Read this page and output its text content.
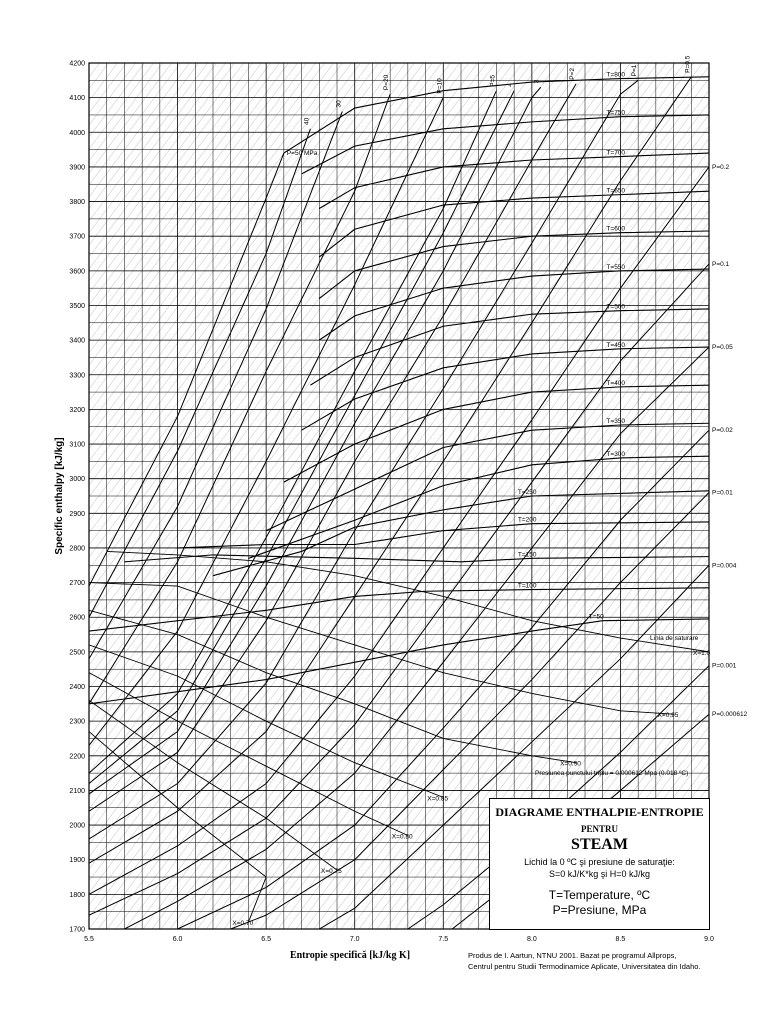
X=1.0
X=0.95
X=0.90
X=0.85
X=0.80
X=0.75
X=0.70
40
30
P=20	P=10	P=5 4
3
P=2	P=1	P=0.5
P=50 MPa
P=0.2
P=0.1
P=0.05
P=0.02
P=0.01
P=0.004
P=0.001
P=0.000612
T=800
T=750
T=700
T=650
T=600
T=550
T=500
T=450
T=400
T=350
T=300
T=250
T=200
T=150
T=100
T=50
5.5	6.0	6.5	7.0	7.5	8.0	8.5	9.0
1700
1800
1900
2000
2100
2200
2300
2400
2500
2600
2700
2800
2900
3000
3100
3200
3300
3400
3500
3600
3700
3800
3900
4000
4100
4200
Entropie specifică [kJ/kg K]
Specific enthalpy [kJ/kg]
Linia de saturare
Presiunea punctului triplu = 0.000612 Mpa (0.018 ºC)
DIAGRAME ENTHALPIE-ENTROPIE
PENTRU
STEAM
Lichid la 0 ºC şi presiune de saturaţie:
S=0 kJ/K*kg şi H=0 kJ/kg
T=Temperature, ºC
P=Presiune, MPa
Produs de I. Aartun, NTNU 2001. Bazat pe programul Allprops,
Centrul pentru Studii Termodinamice Aplicate, Universitatea din Idaho.
